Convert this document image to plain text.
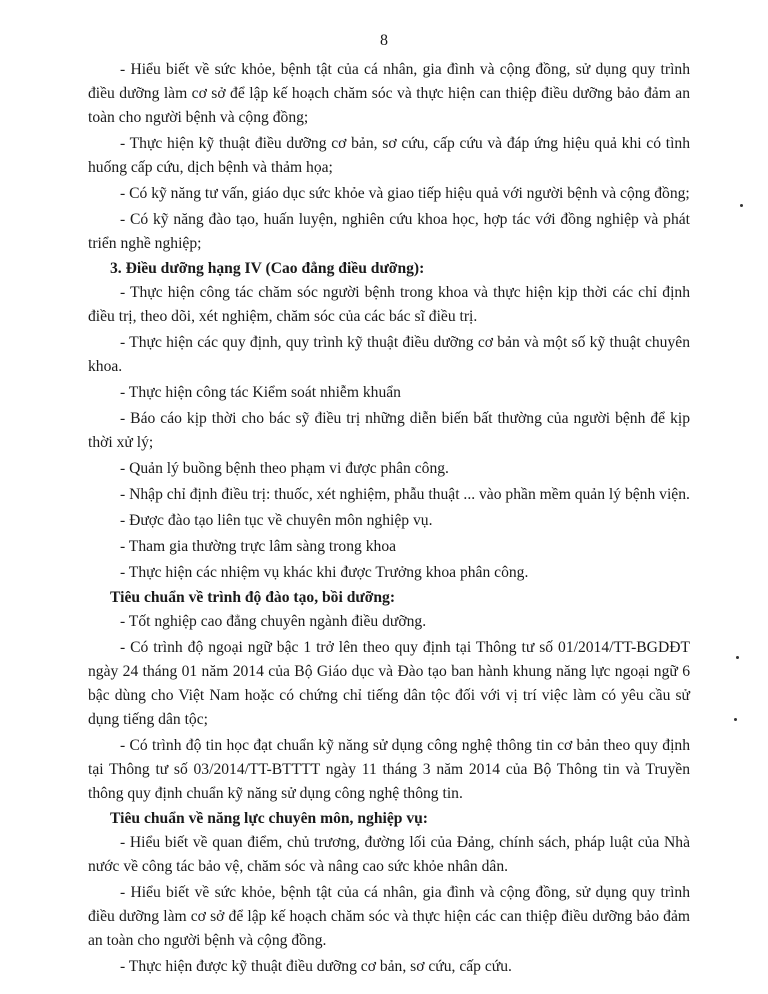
8

- Hiểu biết về sức khỏe, bệnh tật của cá nhân, gia đình và cộng đồng, sử dụng quy trình điều dưỡng làm cơ sở để lập kế hoạch chăm sóc và thực hiện can thiệp điều dưỡng bảo đảm an toàn cho người bệnh và cộng đồng;

- Thực hiện kỹ thuật điều dưỡng cơ bản, sơ cứu, cấp cứu và đáp ứng hiệu quả khi có tình huống cấp cứu, dịch bệnh và thảm họa;

- Có kỹ năng tư vấn, giáo dục sức khỏe và giao tiếp hiệu quả với người bệnh và cộng đồng;

- Có kỹ năng đào tạo, huấn luyện, nghiên cứu khoa học, hợp tác với đồng nghiệp và phát triển nghề nghiệp;

3. Điều dưỡng hạng IV (Cao đẳng điều dưỡng):

- Thực hiện công tác chăm sóc người bệnh trong khoa và thực hiện kịp thời các chỉ định điều trị, theo dõi, xét nghiệm, chăm sóc của các bác sĩ điều trị.

- Thực hiện các quy định, quy trình kỹ thuật điều dưỡng cơ bản và một số kỹ thuật chuyên khoa.

- Thực hiện công tác Kiểm soát nhiễm khuẩn

- Báo cáo kịp thời cho bác sỹ điều trị những diễn biến bất thường của người bệnh để kịp thời xử lý;

- Quản lý buồng bệnh theo phạm vi được phân công.

- Nhập chỉ định điều trị: thuốc, xét nghiệm, phẫu thuật ... vào phần mềm quản lý bệnh viện.

- Được đào tạo liên tục về chuyên môn nghiệp vụ.

- Tham gia thường trực lâm sàng trong khoa

- Thực hiện các nhiệm vụ khác khi được Trưởng khoa phân công.

Tiêu chuẩn về trình độ đào tạo, bồi dưỡng:

- Tốt nghiệp cao đẳng chuyên ngành điều dưỡng.

- Có trình độ ngoại ngữ bậc 1 trở lên theo quy định tại Thông tư số 01/2014/TT-BGDĐT ngày 24 tháng 01 năm 2014 của Bộ Giáo dục và Đào tạo ban hành khung năng lực ngoại ngữ 6 bậc dùng cho Việt Nam hoặc có chứng chỉ tiếng dân tộc đối với vị trí việc làm có yêu cầu sử dụng tiếng dân tộc;

- Có trình độ tin học đạt chuẩn kỹ năng sử dụng công nghệ thông tin cơ bản theo quy định tại Thông tư số 03/2014/TT-BTTTT ngày 11 tháng 3 năm 2014 của Bộ Thông tin và Truyền thông quy định chuẩn kỹ năng sử dụng công nghệ thông tin.

Tiêu chuẩn về năng lực chuyên môn, nghiệp vụ:

- Hiểu biết về quan điểm, chủ trương, đường lối của Đảng, chính sách, pháp luật của Nhà nước về công tác bảo vệ, chăm sóc và nâng cao sức khỏe nhân dân.

- Hiểu biết về sức khỏe, bệnh tật của cá nhân, gia đình và cộng đồng, sử dụng quy trình điều dưỡng làm cơ sở để lập kế hoạch chăm sóc và thực hiện các can thiệp điều dưỡng bảo đảm an toàn cho người bệnh và cộng đồng.

- Thực hiện được kỹ thuật điều dưỡng cơ bản, sơ cứu, cấp cứu.
